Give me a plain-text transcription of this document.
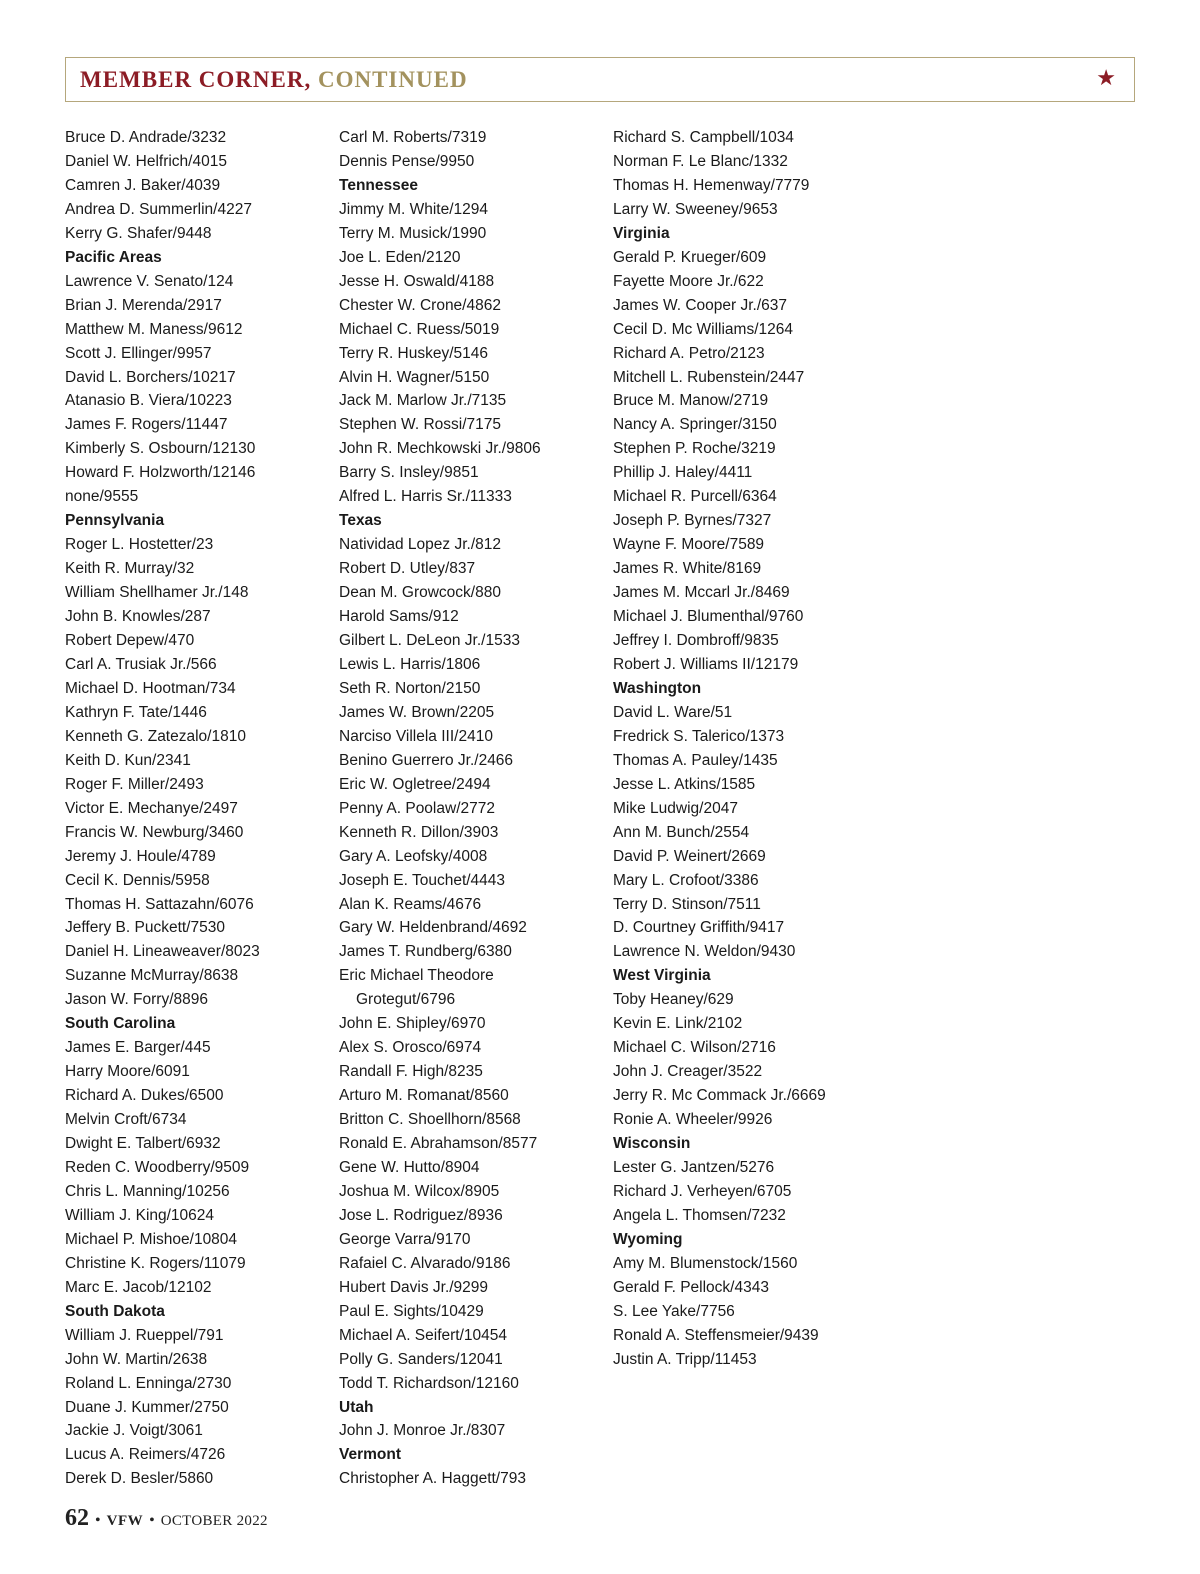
MEMBER CORNER, CONTINUED	★
Bruce D. Andrade/3232
Daniel W. Helfrich/4015
Camren J. Baker/4039
Andrea D. Summerlin/4227
Kerry G. Shafer/9448
Pacific Areas
Lawrence V. Senato/124
Brian J. Merenda/2917
Matthew M. Maness/9612
Scott J. Ellinger/9957
David L. Borchers/10217
Atanasio B. Viera/10223
James F. Rogers/11447
Kimberly S. Osbourn/12130
Howard F. Holzworth/12146
none/9555
Pennsylvania
Roger L. Hostetter/23
Keith R. Murray/32
William Shellhamer Jr./148
John B. Knowles/287
Robert Depew/470
Carl A. Trusiak Jr./566
Michael D. Hootman/734
Kathryn F. Tate/1446
Kenneth G. Zatezalo/1810
Keith D. Kun/2341
Roger F. Miller/2493
Victor E. Mechanye/2497
Francis W. Newburg/3460
Jeremy J. Houle/4789
Cecil K. Dennis/5958
Thomas H. Sattazahn/6076
Jeffery B. Puckett/7530
Daniel H. Lineaweaver/8023
Suzanne McMurray/8638
Jason W. Forry/8896
South Carolina
James E. Barger/445
Harry Moore/6091
Richard A. Dukes/6500
Melvin Croft/6734
Dwight E. Talbert/6932
Reden C. Woodberry/9509
Chris L. Manning/10256
William J. King/10624
Michael P. Mishoe/10804
Christine K. Rogers/11079
Marc E. Jacob/12102
South Dakota
William J. Rueppel/791
John W. Martin/2638
Roland L. Enninga/2730
Duane J. Kummer/2750
Jackie J. Voigt/3061
Lucus A. Reimers/4726
Derek D. Besler/5860
Carl M. Roberts/7319
Dennis Pense/9950
Tennessee
Jimmy M. White/1294
Terry M. Musick/1990
Joe L. Eden/2120
Jesse H. Oswald/4188
Chester W. Crone/4862
Michael C. Ruess/5019
Terry R. Huskey/5146
Alvin H. Wagner/5150
Jack M. Marlow Jr./7135
Stephen W. Rossi/7175
John R. Mechkowski Jr./9806
Barry S. Insley/9851
Alfred L. Harris Sr./11333
Texas
Natividad Lopez Jr./812
Robert D. Utley/837
Dean M. Growcock/880
Harold Sams/912
Gilbert L. DeLeon Jr./1533
Lewis L. Harris/1806
Seth R. Norton/2150
James W. Brown/2205
Narciso Villela III/2410
Benino Guerrero Jr./2466
Eric W. Ogletree/2494
Penny A. Poolaw/2772
Kenneth R. Dillon/3903
Gary A. Leofsky/4008
Joseph E. Touchet/4443
Alan K. Reams/4676
Gary W. Heldenbrand/4692
James T. Rundberg/6380
Eric Michael Theodore
Grotegut/6796
John E. Shipley/6970
Alex S. Orosco/6974
Randall F. High/8235
Arturo M. Romanat/8560
Britton C. Shoellhorn/8568
Ronald E. Abrahamson/8577
Gene W. Hutto/8904
Joshua M. Wilcox/8905
Jose L. Rodriguez/8936
George Varra/9170
Rafaiel C. Alvarado/9186
Hubert Davis Jr./9299
Paul E. Sights/10429
Michael A. Seifert/10454
Polly G. Sanders/12041
Todd T. Richardson/12160
Utah
John J. Monroe Jr./8307
Vermont
Christopher A. Haggett/793
Richard S. Campbell/1034
Norman F. Le Blanc/1332
Thomas H. Hemenway/7779
Larry W. Sweeney/9653
Virginia
Gerald P. Krueger/609
Fayette Moore Jr./622
James W. Cooper Jr./637
Cecil D. Mc Williams/1264
Richard A. Petro/2123
Mitchell L. Rubenstein/2447
Bruce M. Manow/2719
Nancy A. Springer/3150
Stephen P. Roche/3219
Phillip J. Haley/4411
Michael R. Purcell/6364
Joseph P. Byrnes/7327
Wayne F. Moore/7589
James R. White/8169
James M. Mccarl Jr./8469
Michael J. Blumenthal/9760
Jeffrey I. Dombroff/9835
Robert J. Williams II/12179
Washington
David L. Ware/51
Fredrick S. Talerico/1373
Thomas A. Pauley/1435
Jesse L. Atkins/1585
Mike Ludwig/2047
Ann M. Bunch/2554
David P. Weinert/2669
Mary L. Crofoot/3386
Terry D. Stinson/7511
D. Courtney Griffith/9417
Lawrence N. Weldon/9430
West Virginia
Toby Heaney/629
Kevin E. Link/2102
Michael C. Wilson/2716
John J. Creager/3522
Jerry R. Mc Commack Jr./6669
Ronie A. Wheeler/9926
Wisconsin
Lester G. Jantzen/5276
Richard J. Verheyen/6705
Angela L. Thomsen/7232
Wyoming
Amy M. Blumenstock/1560
Gerald F. Pellock/4343
S. Lee Yake/7756
Ronald A. Steffensmeier/9439
Justin A. Tripp/11453
62 • VFW • OCTOBER 2022
